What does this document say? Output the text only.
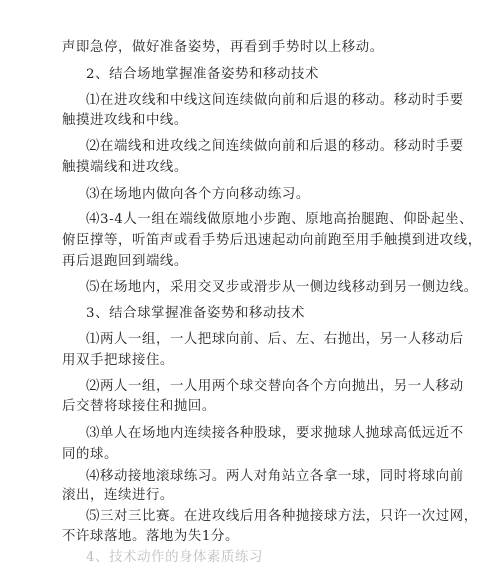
声即急停，做好准备姿势，再看到手势时以上移动。
2、结合场地掌握准备姿势和移动技术
⑴在进攻线和中线这间连续做向前和后退的移动。移动时手要
触摸进攻线和中线。
⑵在端线和进攻线之间连续做向前和后退的移动。移动时手要
触摸端线和进攻线。
⑶在场地内做向各个方向移动练习。
⑷3-4人一组在端线做原地小步跑、原地高抬腿跑、仰卧起坐、
俯臣撑等，听笛声或看手势后迅速起动向前跑至用手触摸到进攻线，
再后退跑回到端线。
⑸在场地内，采用交叉步或滑步从一侧边线移动到另一侧边线。
3、结合球掌握准备姿势和移动技术
⑴两人一组，一人把球向前、后、左、右抛出，另一人移动后
用双手把球接住。
⑵两人一组，一人用两个球交替向各个方向抛出，另一人移动
后交替将球接住和抛回。
⑶单人在场地内连续接各种股球，要求抛球人抛球高低远近不
同的球。
⑷移动接地滚球练习。两人对角站立各拿一球，同时将球向前
滚出，连续进行。
⑸三对三比赛。在进攻线后用各种抛接球方法，只许一次过网，
不许球落地。落地为失1分。
4、技术动作的身体素质练习
